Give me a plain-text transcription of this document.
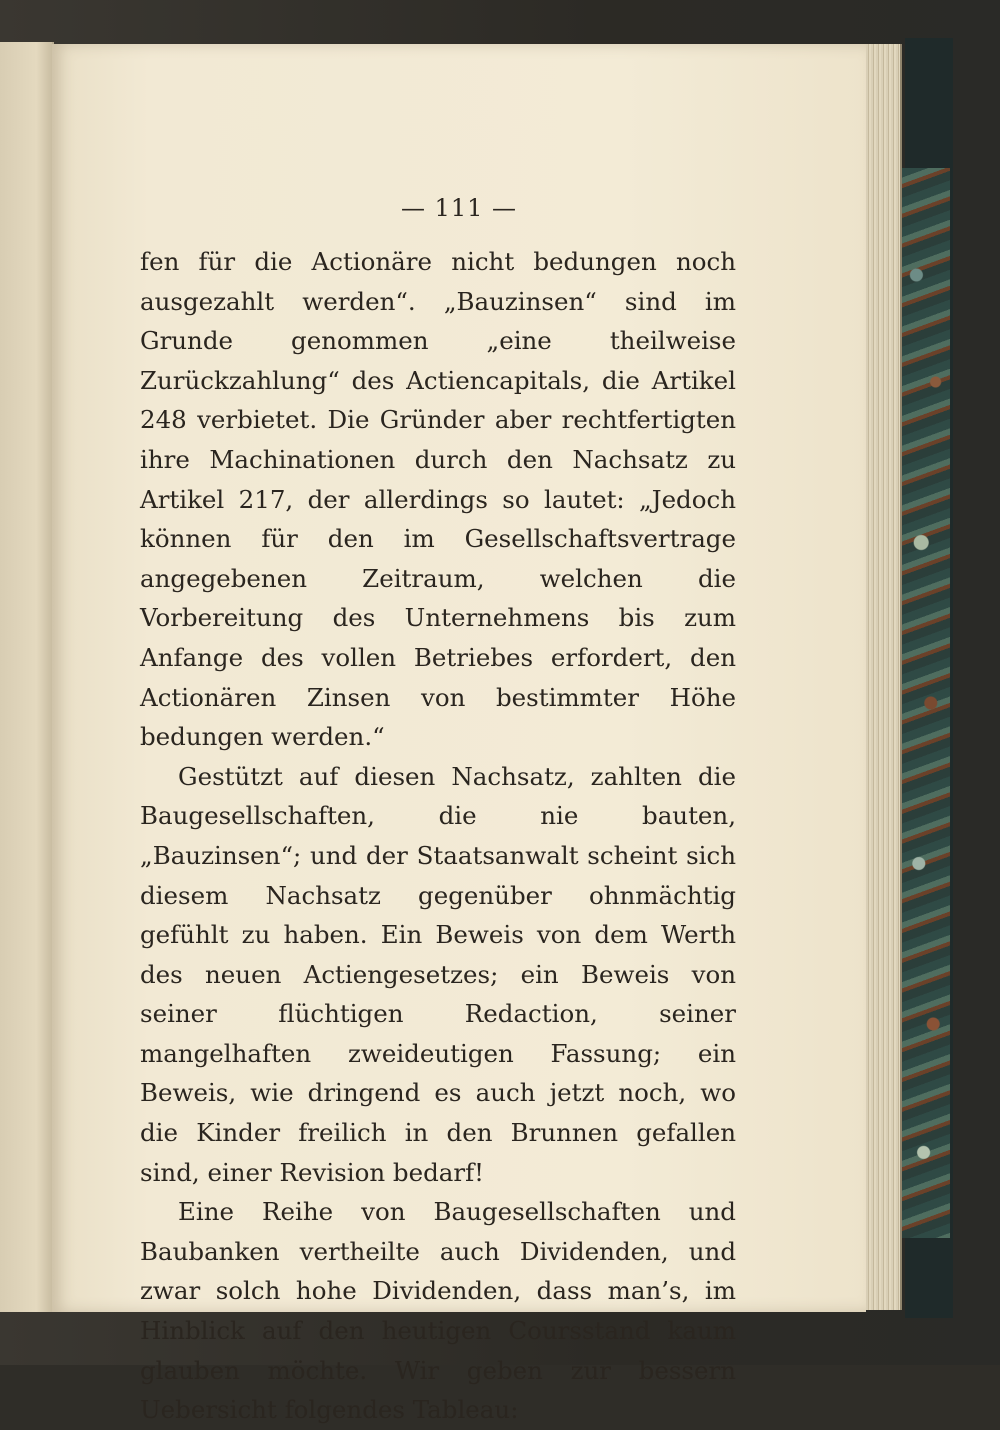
— 111 —

fen für die Actionäre nicht bedungen noch ausgezahlt werden“. „Bauzinsen“ sind im Grunde genommen „eine theilweise Zurückzahlung“ des Actiencapitals, die Artikel 248 verbietet. Die Gründer aber rechtfertigten ihre Machinationen durch den Nachsatz zu Artikel 217, der allerdings so lautet: „Jedoch können für den im Gesellschaftsvertrage angegebenen Zeitraum, welchen die Vorbereitung des Unternehmens bis zum Anfange des vollen Betriebes erfordert, den Actionären Zinsen von bestimmter Höhe bedungen werden.“

Gestützt auf diesen Nachsatz, zahlten die Baugesellschaften, die nie bauten, „Bauzinsen“; und der Staatsanwalt scheint sich diesem Nachsatz gegenüber ohnmächtig gefühlt zu haben. Ein Beweis von dem Werth des neuen Actiengesetzes; ein Beweis von seiner flüchtigen Redaction, seiner mangelhaften zweideutigen Fassung; ein Beweis, wie dringend es auch jetzt noch, wo die Kinder freilich in den Brunnen gefallen sind, einer Revision bedarf!

Eine Reihe von Baugesellschaften und Baubanken vertheilte auch Dividenden, und zwar solch hohe Dividenden, dass man’s, im Hinblick auf den heutigen Coursstand kaum glauben möchte. Wir geben zur bessern Uebersicht folgendes Tableau:
